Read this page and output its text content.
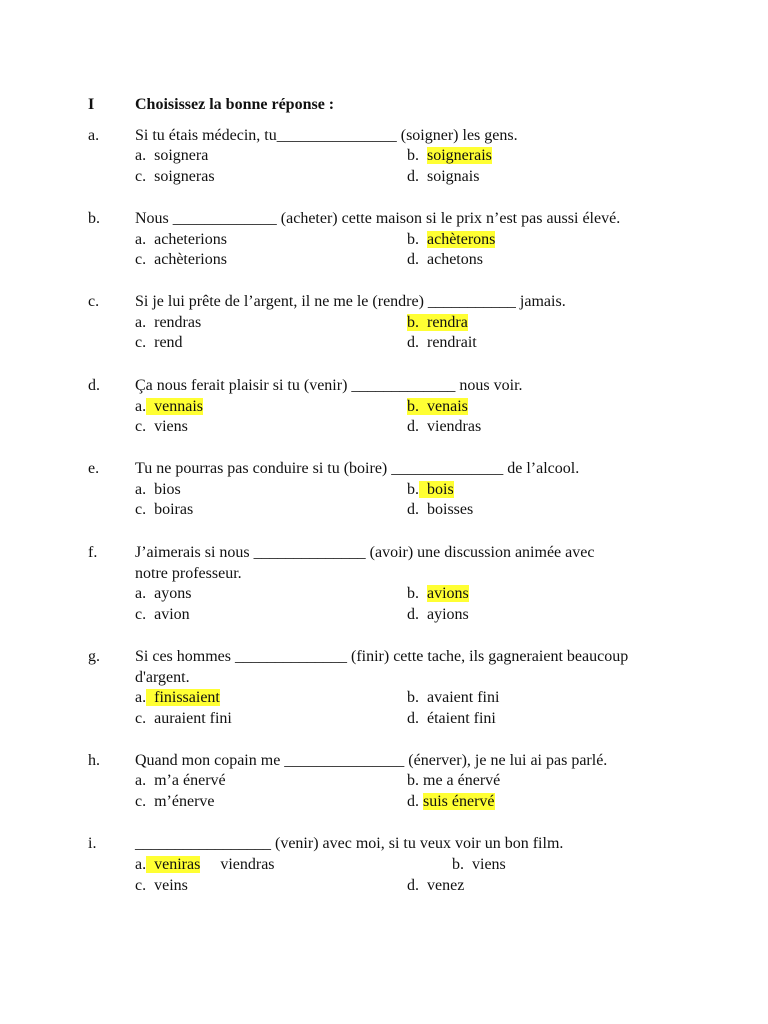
I	Choisissez la bonne réponse :
a. Si tu étais médecin, tu_______________ (soigner) les gens.
a. soignera	b. soignerais
c. soigneras	d. soignais
b. Nous _____________ (acheter) cette maison si le prix n’est pas aussi élevé.
a. acheterions	b. achèterons
c. achèterions	d. achetons
c. Si je lui prête de l’argent, il ne me le (rendre) ___________ jamais.
a. rendras	b. rendra
c. rend	d. rendrait
d. Ça nous ferait plaisir si tu (venir) _____________ nous voir.
a. vennais	b. venais
c. viens	d. viendras
e. Tu ne pourras pas conduire si tu (boire) ______________ de l’alcool.
a. bios	b. bois
c. boiras	d. boisses
f. J’aimerais si nous ______________ (avoir) une discussion animée avec
notre professeur.
a. ayons	b. avions
c. avion	d. ayions
g. Si ces hommes ______________ (finir) cette tache, ils gagneraient beaucoup
d'argent.
a. finissaient	b. avaient fini
c. auraient fini	d. étaient fini
h. Quand mon copain me _______________ (énerver), je ne lui ai pas parlé.
a. m’a énervé	b. me a énervé
c. m’énerve	d. suis énervé
i. _________________ (venir) avec moi, si tu veux voir un bon film.
a. veniras viendras	b. viens
c. veins	d. venez
